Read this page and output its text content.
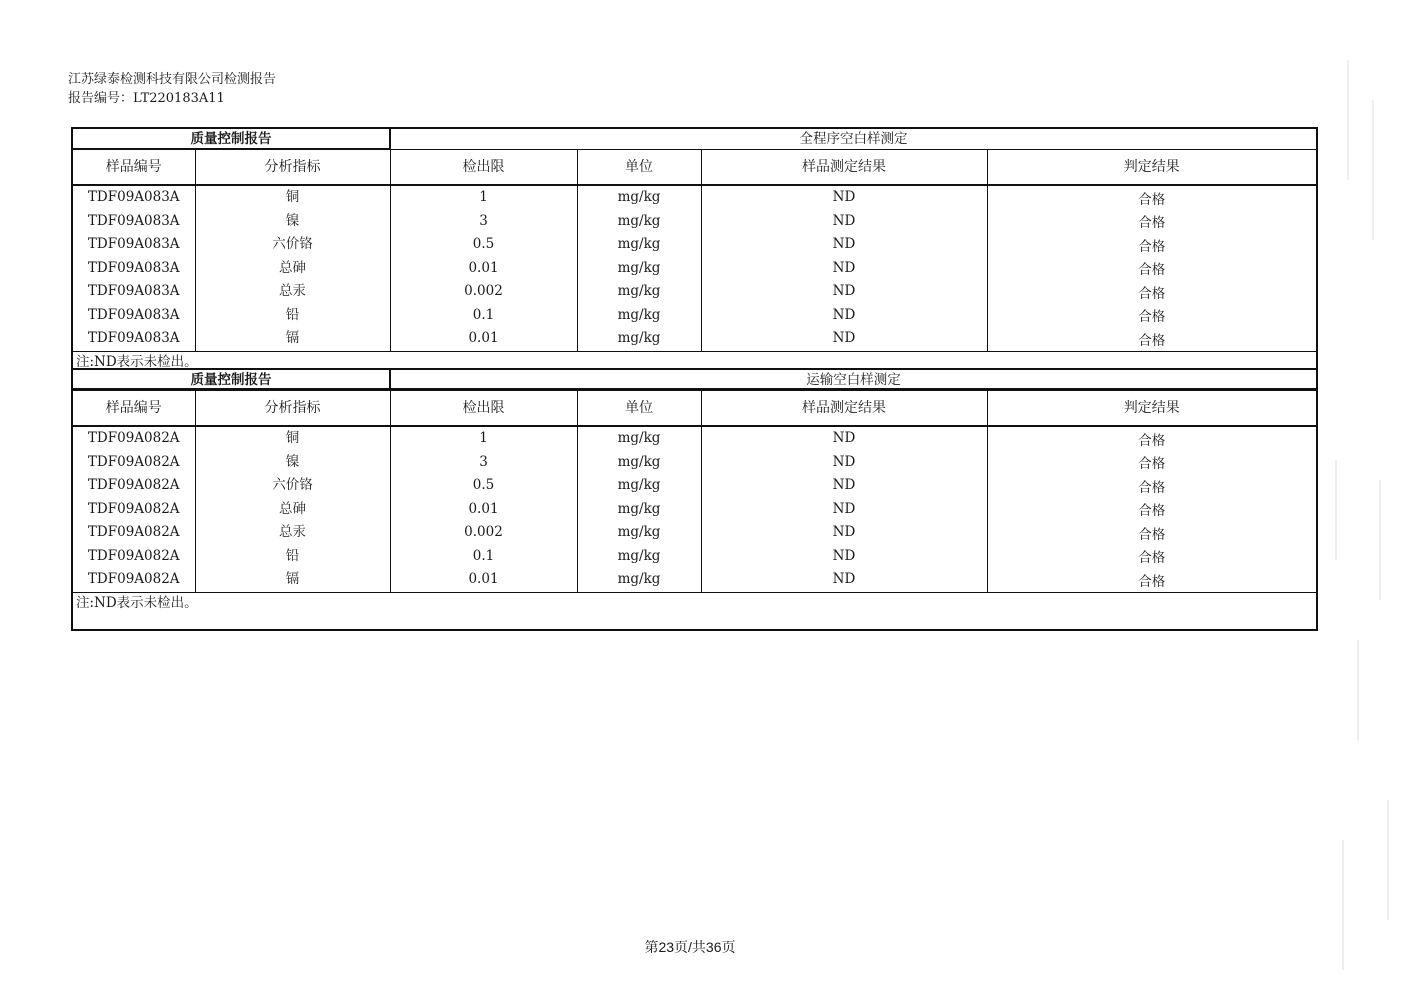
江苏绿泰检测科技有限公司检测报告
报告编号：LT220183A11
质量控制报告		全程序空白样测定			
样品编号	分析指标	检出限	单位	样品测定结果	判定结果
TDF09A083A	铜	1	mg/kg	ND	合格
TDF09A083A	镍	3	mg/kg	ND	合格
TDF09A083A	六价铬	0.5	mg/kg	ND	合格
TDF09A083A	总砷	0.01	mg/kg	ND	合格
TDF09A083A	总汞	0.002	mg/kg	ND	合格
TDF09A083A	铅	0.1	mg/kg	ND	合格
TDF09A083A	镉	0.01	mg/kg	ND	合格
注:ND表示未检出。					
质量控制报告		运输空白样测定			
样品编号	分析指标	检出限	单位	样品测定结果	判定结果
TDF09A082A	铜	1	mg/kg	ND	合格
TDF09A082A	镍	3	mg/kg	ND	合格
TDF09A082A	六价铬	0.5	mg/kg	ND	合格
TDF09A082A	总砷	0.01	mg/kg	ND	合格
TDF09A082A	总汞	0.002	mg/kg	ND	合格
TDF09A082A	铅	0.1	mg/kg	ND	合格
TDF09A082A	镉	0.01	mg/kg	ND	合格
注:ND表示未检出。					
第23页/共36页
